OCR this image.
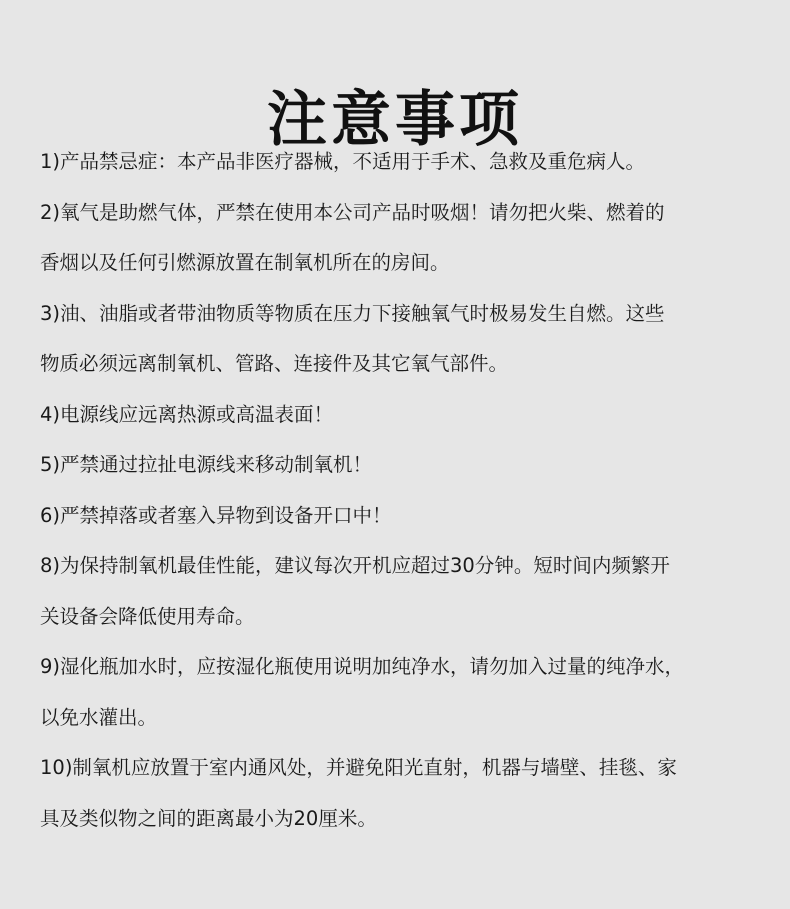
注意事项
1)产品禁忌症：本产品非医疗器械，不适用于手术、急救及重危病人。
2)氧气是助燃气体，严禁在使用本公司产品时吸烟！请勿把火柴、燃着的
香烟以及任何引燃源放置在制氧机所在的房间。
3)油、油脂或者带油物质等物质在压力下接触氧气时极易发生自燃。这些
物质必须远离制氧机、管路、连接件及其它氧气部件。
4)电源线应远离热源或高温表面！
5)严禁通过拉扯电源线来移动制氧机！
6)严禁掉落或者塞入异物到设备开口中！
8)为保持制氧机最佳性能，建议每次开机应超过30分钟。短时间内频繁开
关设备会降低使用寿命。
9)湿化瓶加水时，应按湿化瓶使用说明加纯净水，请勿加入过量的纯净水，
以免水灌出。
10)制氧机应放置于室内通风处，并避免阳光直射，机器与墙壁、挂毯、家
具及类似物之间的距离最小为20厘米。
